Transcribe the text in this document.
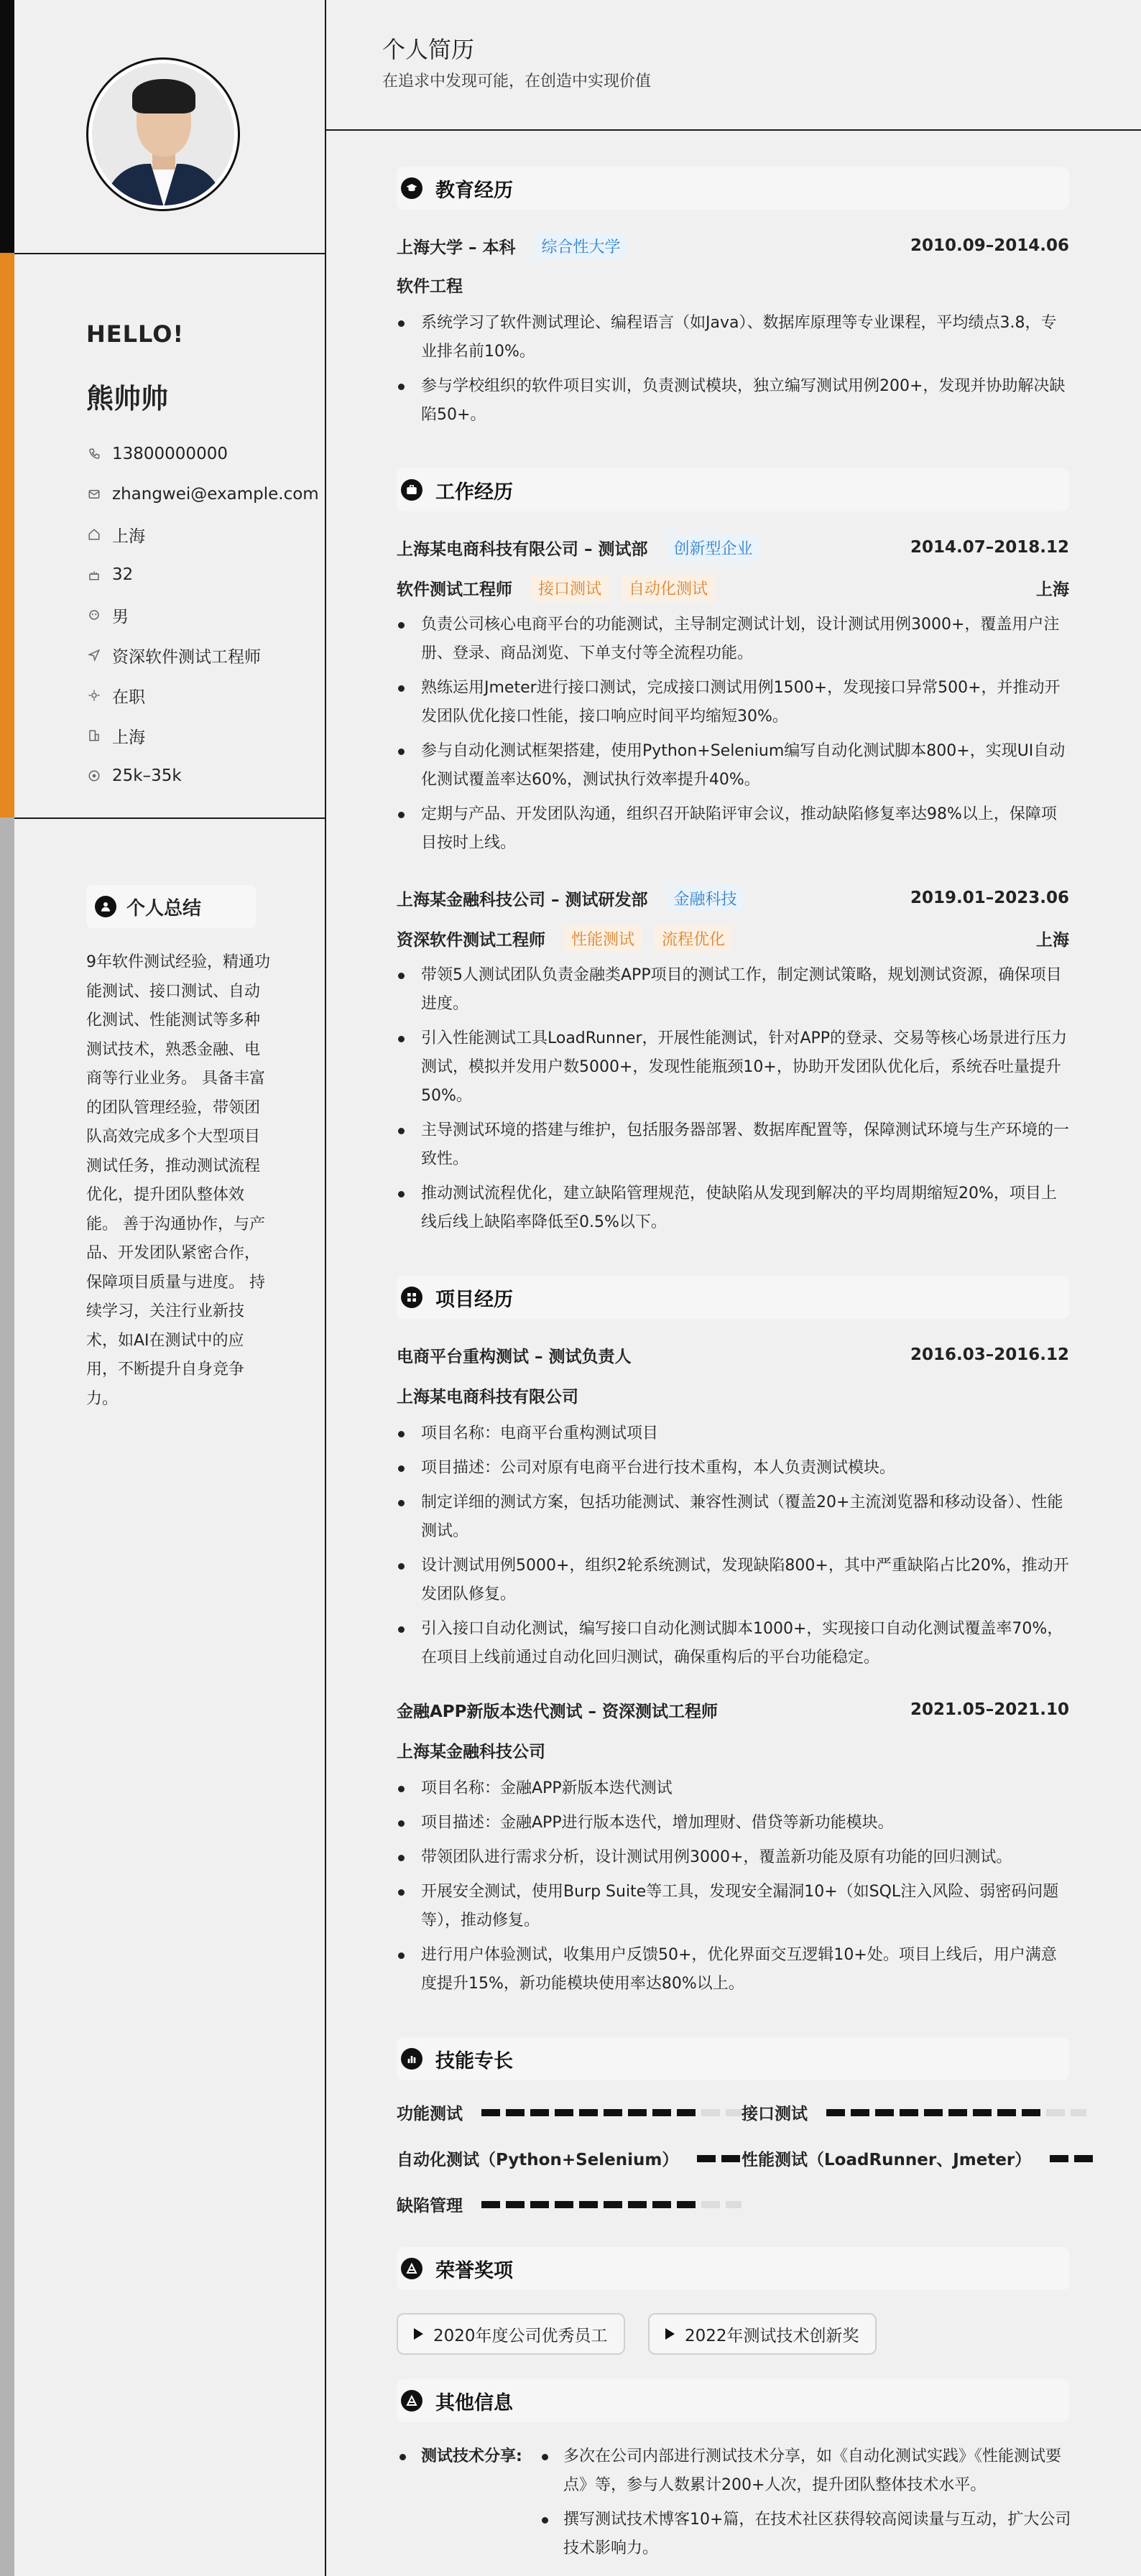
HELLO!
熊帅帅
13800000000
zhangwei@example.com
上海
32
男
资深软件测试工程师
在职
上海
25k–35k
个人总结
9年软件测试经验，精通功能测试、接口测试、自动化测试、性能测试等多种测试技术，熟悉金融、电商等行业业务。 具备丰富的团队管理经验，带领团队高效完成多个大型项目测试任务，推动测试流程优化，提升团队整体效能。 善于沟通协作，与产品、开发团队紧密合作，保障项目质量与进度。 持续学习，关注行业新技术，如AI在测试中的应用，不断提升自身竞争力。
个人简历
在追求中发现可能，在创造中实现价值
教育经历
上海大学 – 本科	综合性大学	2010.09–2014.06
软件工程
系统学习了软件测试理论、编程语言（如Java）、数据库原理等专业课程，平均绩点3.8，专业排名前10%。
参与学校组织的软件项目实训，负责测试模块，独立编写测试用例200+，发现并协助解决缺陷50+。
工作经历
上海某电商科技有限公司 – 测试部	创新型企业	2014.07–2018.12
软件测试工程师	接口测试	自动化测试	上海
负责公司核心电商平台的功能测试，主导制定测试计划，设计测试用例3000+，覆盖用户注册、登录、商品浏览、下单支付等全流程功能。
熟练运用Jmeter进行接口测试，完成接口测试用例1500+，发现接口异常500+，并推动开发团队优化接口性能，接口响应时间平均缩短30%。
参与自动化测试框架搭建，使用Python+Selenium编写自动化测试脚本800+，实现UI自动化测试覆盖率达60%，测试执行效率提升40%。
定期与产品、开发团队沟通，组织召开缺陷评审会议，推动缺陷修复率达98%以上，保障项目按时上线。
上海某金融科技公司 – 测试研发部	金融科技	2019.01–2023.06
资深软件测试工程师	性能测试	流程优化	上海
带领5人测试团队负责金融类APP项目的测试工作，制定测试策略，规划测试资源，确保项目进度。
引入性能测试工具LoadRunner，开展性能测试，针对APP的登录、交易等核心场景进行压力测试，模拟并发用户数5000+，发现性能瓶颈10+，协助开发团队优化后，系统吞吐量提升50%。
主导测试环境的搭建与维护，包括服务器部署、数据库配置等，保障测试环境与生产环境的一致性。
推动测试流程优化，建立缺陷管理规范，使缺陷从发现到解决的平均周期缩短20%，项目上线后线上缺陷率降低至0.5%以下。
项目经历
电商平台重构测试 – 测试负责人	2016.03–2016.12
上海某电商科技有限公司
项目名称：电商平台重构测试项目
项目描述：公司对原有电商平台进行技术重构，本人负责测试模块。
制定详细的测试方案，包括功能测试、兼容性测试（覆盖20+主流浏览器和移动设备）、性能测试。
设计测试用例5000+，组织2轮系统测试，发现缺陷800+，其中严重缺陷占比20%，推动开发团队修复。
引入接口自动化测试，编写接口自动化测试脚本1000+，实现接口自动化测试覆盖率70%，在项目上线前通过自动化回归测试，确保重构后的平台功能稳定。
金融APP新版本迭代测试 – 资深测试工程师	2021.05–2021.10
上海某金融科技公司
项目名称：金融APP新版本迭代测试
项目描述：金融APP进行版本迭代，增加理财、借贷等新功能模块。
带领团队进行需求分析，设计测试用例3000+，覆盖新功能及原有功能的回归测试。
开展安全测试，使用Burp Suite等工具，发现安全漏洞10+（如SQL注入风险、弱密码问题等），推动修复。
进行用户体验测试，收集用户反馈50+，优化界面交互逻辑10+处。项目上线后，用户满意度提升15%，新功能模块使用率达80%以上。
技能专长
功能测试	接口测试
自动化测试（Python+Selenium）	性能测试（LoadRunner、Jmeter）
缺陷管理
荣誉奖项
2020年度公司优秀员工	2022年测试技术创新奖
其他信息
测试技术分享:	多次在公司内部进行测试技术分享，如《自动化测试实践》《性能测试要点》等，参与人数累计200+人次，提升团队整体技术水平。
撰写测试技术博客10+篇，在技术社区获得较高阅读量与互动，扩大公司技术影响力。
